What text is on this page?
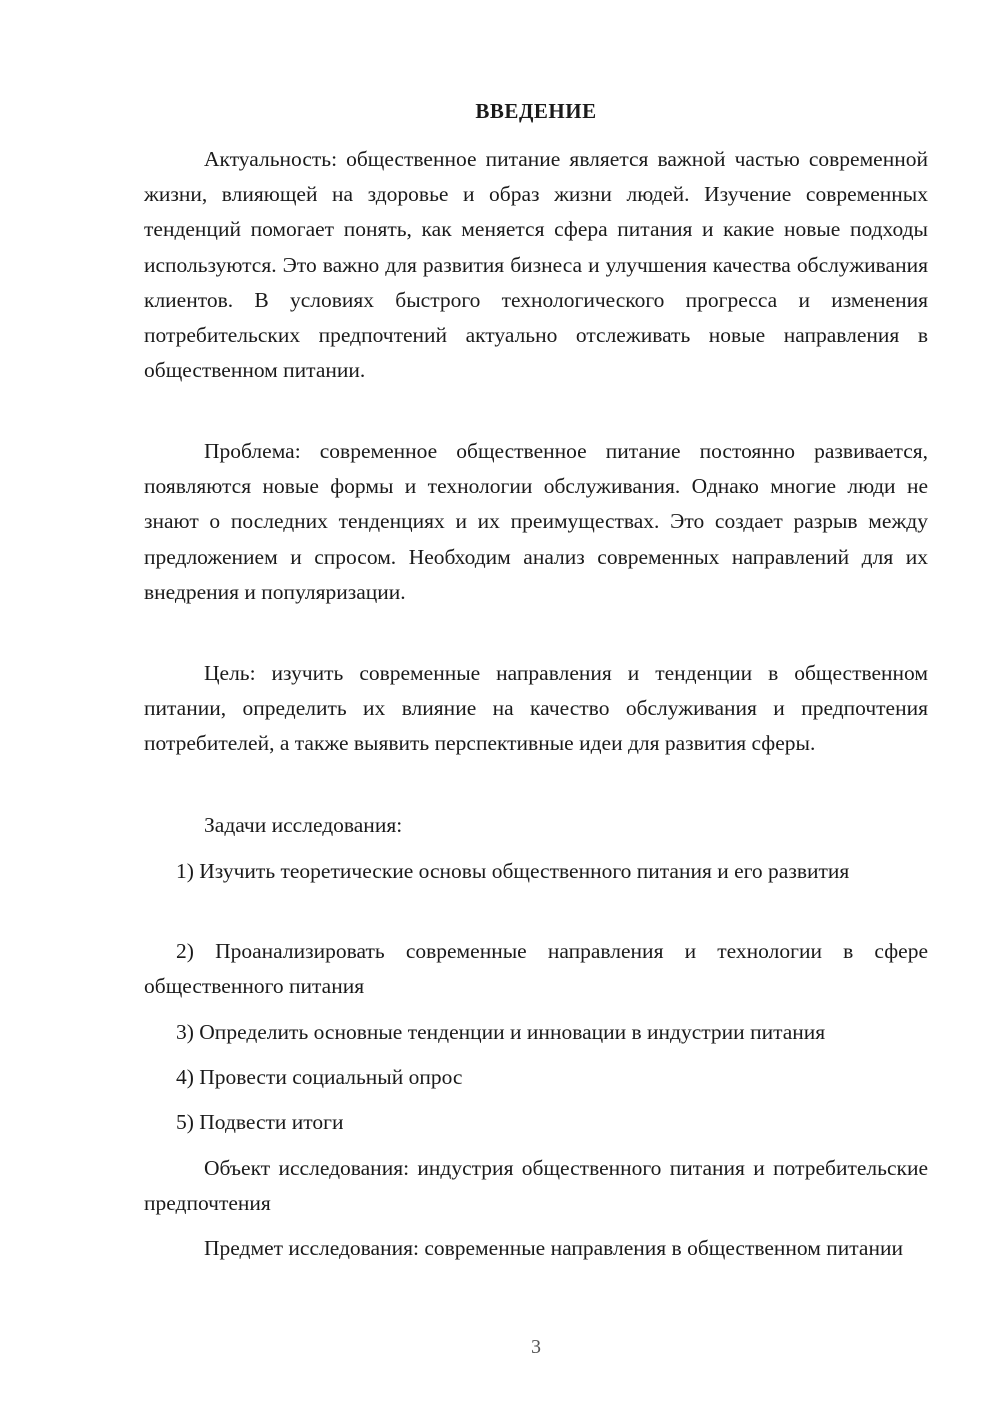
ВВЕДЕНИЕ
Актуальность: общественное питание является важной частью современной жизни, влияющей на здоровье и образ жизни людей. Изучение современных тенденций помогает понять, как меняется сфера питания и какие новые подходы используются. Это важно для развития бизнеса и улучшения качества обслуживания клиентов. В условиях быстрого технологического прогресса и изменения потребительских предпочтений актуально отслеживать новые направления в общественном питании.
Проблема: современное общественное питание постоянно развивается, появляются новые формы и технологии обслуживания. Однако многие люди не знают о последних тенденциях и их преимуществах. Это создает разрыв между предложением и спросом. Необходим анализ современных направлений для их внедрения и популяризации.
Цель: изучить современные направления и тенденции в общественном питании, определить их влияние на качество обслуживания и предпочтения потребителей, а также выявить перспективные идеи для развития сферы.
Задачи исследования:
1) Изучить теоретические основы общественного питания и его развития
2) Проанализировать современные направления и технологии в сфере общественного питания
3) Определить основные тенденции и инновации в индустрии питания
4) Провести социальный опрос
5) Подвести итоги
Объект исследования: индустрия общественного питания и потребительские предпочтения
Предмет исследования: современные направления в общественном питании
3
